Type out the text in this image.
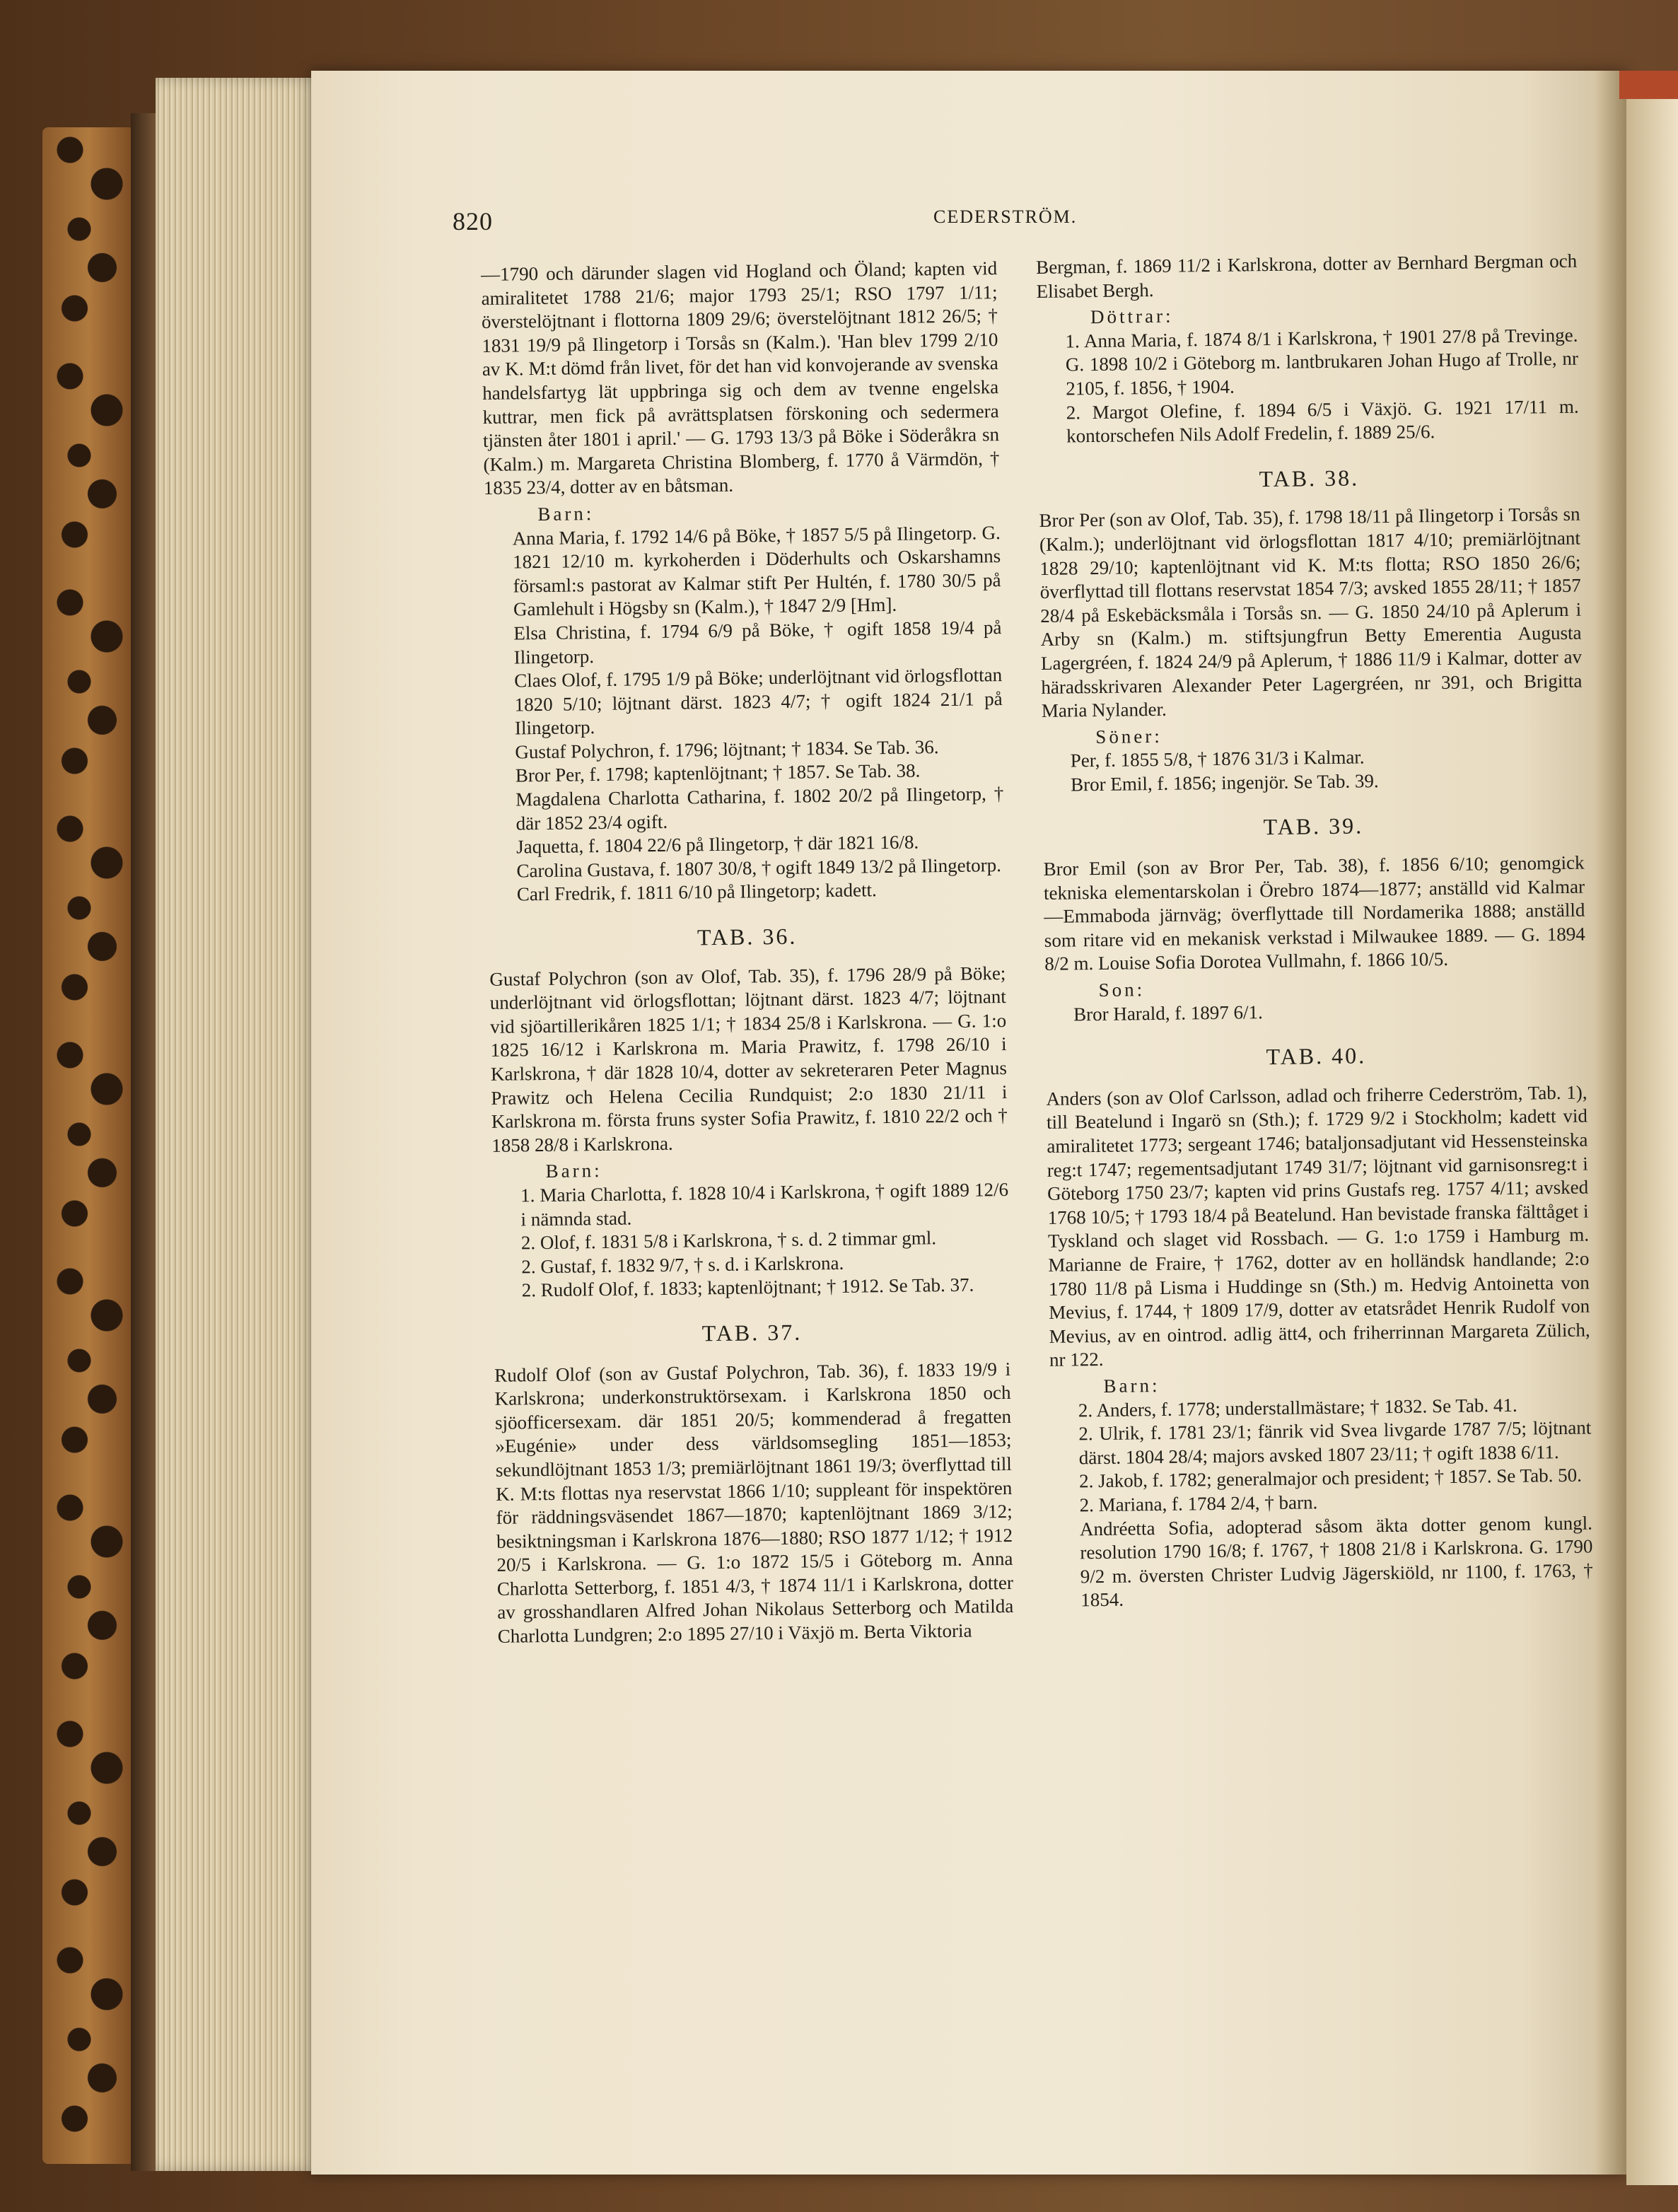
820	CEDERSTRÖM.

—1790 och därunder slagen vid Hogland och Öland; kapten vid amiralitetet 1788 21/6; major 1793 25/1; RSO 1797 1/11; överstelöjtnant i flottorna 1809 29/6; överstelöjtnant 1812 26/5; † 1831 19/9 på Ilingetorp i Torsås sn (Kalm.). 'Han blev 1799 2/10 av K. M:t dömd från livet, för det han vid konvojerande av svenska handelsfartyg lät uppbringa sig och dem av tvenne engelska kuttrar, men fick på avrättsplatsen förskoning och sedermera tjänsten åter 1801 i april.' — G. 1793 13/3 på Böke i Söderåkra sn (Kalm.) m. Margareta Christina Blomberg, f. 1770 å Värmdön, † 1835 23/4, dotter av en båtsman.

Barn:

Anna Maria, f. 1792 14/6 på Böke, † 1857 5/5 på Ilingetorp. G. 1821 12/10 m. kyrkoherden i Döderhults och Oskarshamns församl:s pastorat av Kalmar stift Per Hultén, f. 1780 30/5 på Gamlehult i Högsby sn (Kalm.), † 1847 2/9 [Hm].

Elsa Christina, f. 1794 6/9 på Böke, † ogift 1858 19/4 på Ilingetorp.

Claes Olof, f. 1795 1/9 på Böke; underlöjtnant vid örlogsflottan 1820 5/10; löjtnant därst. 1823 4/7; † ogift 1824 21/1 på Ilingetorp.

Gustaf Polychron, f. 1796; löjtnant; † 1834. Se Tab. 36.

Bror Per, f. 1798; kaptenlöjtnant; † 1857. Se Tab. 38.

Magdalena Charlotta Catharina, f. 1802 20/2 på Ilingetorp, † där 1852 23/4 ogift.

Jaquetta, f. 1804 22/6 på Ilingetorp, † där 1821 16/8.

Carolina Gustava, f. 1807 30/8, † ogift 1849 13/2 på Ilingetorp.

Carl Fredrik, f. 1811 6/10 på Ilingetorp; kadett.

TAB. 36.

Gustaf Polychron (son av Olof, Tab. 35), f. 1796 28/9 på Böke; underlöjtnant vid örlogsflottan; löjtnant därst. 1823 4/7; löjtnant vid sjöartillerikåren 1825 1/1; † 1834 25/8 i Karlskrona. — G. 1:o 1825 16/12 i Karlskrona m. Maria Prawitz, f. 1798 26/10 i Karlskrona, † där 1828 10/4, dotter av sekreteraren Peter Magnus Prawitz och Helena Cecilia Rundquist; 2:o 1830 21/11 i Karlskrona m. första fruns syster Sofia Prawitz, f. 1810 22/2 och † 1858 28/8 i Karlskrona.

Barn:

1. Maria Charlotta, f. 1828 10/4 i Karlskrona, † ogift 1889 12/6 i nämnda stad.

2. Olof, f. 1831 5/8 i Karlskrona, † s. d. 2 timmar gml.

2. Gustaf, f. 1832 9/7, † s. d. i Karlskrona.

2. Rudolf Olof, f. 1833; kaptenlöjtnant; † 1912. Se Tab. 37.

TAB. 37.

Rudolf Olof (son av Gustaf Polychron, Tab. 36), f. 1833 19/9 i Karlskrona; underkonstruktörsexam. i Karlskrona 1850 och sjöofficersexam. där 1851 20/5; kommenderad å fregatten »Eugénie» under dess världsomsegling 1851—1853; sekundlöjtnant 1853 1/3; premiärlöjtnant 1861 19/3; överflyttad till K. M:ts flottas nya reservstat 1866 1/10; suppleant för inspektören för räddningsväsendet 1867—1870; kaptenlöjtnant 1869 3/12; besiktningsman i Karlskrona 1876—1880; RSO 1877 1/12; † 1912 20/5 i Karlskrona. — G. 1:o 1872 15/5 i Göteborg m. Anna Charlotta Setterborg, f. 1851 4/3, † 1874 11/1 i Karlskrona, dotter av grosshandlaren Alfred Johan Nikolaus Setterborg och Matilda Charlotta Lundgren; 2:o 1895 27/10 i Växjö m. Berta Viktoria

Bergman, f. 1869 11/2 i Karlskrona, dotter av Bernhard Bergman och Elisabet Bergh.

Döttrar:

1. Anna Maria, f. 1874 8/1 i Karlskrona, † 1901 27/8 på Trevinge. G. 1898 10/2 i Göteborg m. lantbrukaren Johan Hugo af Trolle, nr 2105, f. 1856, † 1904.

2. Margot Olefine, f. 1894 6/5 i Växjö. G. 1921 17/11 m. kontorschefen Nils Adolf Fredelin, f. 1889 25/6.

TAB. 38.

Bror Per (son av Olof, Tab. 35), f. 1798 18/11 på Ilingetorp i Torsås sn (Kalm.); underlöjtnant vid örlogsflottan 1817 4/10; premiärlöjtnant 1828 29/10; kaptenlöjtnant vid K. M:ts flotta; RSO 1850 26/6; överflyttad till flottans reservstat 1854 7/3; avsked 1855 28/11; † 1857 28/4 på Eskebäcksmåla i Torsås sn. — G. 1850 24/10 på Aplerum i Arby sn (Kalm.) m. stiftsjungfrun Betty Emerentia Augusta Lagergréen, f. 1824 24/9 på Aplerum, † 1886 11/9 i Kalmar, dotter av häradsskrivaren Alexander Peter Lagergréen, nr 391, och Brigitta Maria Nylander.

Söner:

Per, f. 1855 5/8, † 1876 31/3 i Kalmar.

Bror Emil, f. 1856; ingenjör. Se Tab. 39.

TAB. 39.

Bror Emil (son av Bror Per, Tab. 38), f. 1856 6/10; genomgick tekniska elementarskolan i Örebro 1874—1877; anställd vid Kalmar—Emmaboda järnväg; överflyttade till Nordamerika 1888; anställd som ritare vid en mekanisk verkstad i Milwaukee 1889. — G. 1894 8/2 m. Louise Sofia Dorotea Vullmahn, f. 1866 10/5.

Son:

Bror Harald, f. 1897 6/1.

TAB. 40.

Anders (son av Olof Carlsson, adlad och friherre Cederström, Tab. 1), till Beatelund i Ingarö sn (Sth.); f. 1729 9/2 i Stockholm; kadett vid amiralitetet 1773; sergeant 1746; bataljonsadjutant vid Hessensteinska reg:t 1747; regementsadjutant 1749 31/7; löjtnant vid garnisonsreg:t i Göteborg 1750 23/7; kapten vid prins Gustafs reg. 1757 4/11; avsked 1768 10/5; † 1793 18/4 på Beatelund. Han bevistade franska fälttåget i Tyskland och slaget vid Rossbach. — G. 1:o 1759 i Hamburg m. Marianne de Fraire, † 1762, dotter av en holländsk handlande; 2:o 1780 11/8 på Lisma i Huddinge sn (Sth.) m. Hedvig Antoinetta von Mevius, f. 1744, † 1809 17/9, dotter av etatsrådet Henrik Rudolf von Mevius, av en ointrod. adlig ätt4, och friherrinnan Margareta Zülich, nr 122.

Barn:

2. Anders, f. 1778; understallmästare; † 1832. Se Tab. 41.

2. Ulrik, f. 1781 23/1; fänrik vid Svea livgarde 1787 7/5; löjtnant därst. 1804 28/4; majors avsked 1807 23/11; † ogift 1838 6/11.

2. Jakob, f. 1782; generalmajor och president; † 1857. Se Tab. 50.

2. Mariana, f. 1784 2/4, † barn.

Andréetta Sofia, adopterad såsom äkta dotter genom kungl. resolution 1790 16/8; f. 1767, † 1808 21/8 i Karlskrona. G. 1790 9/2 m. översten Christer Ludvig Jägerskiöld, nr 1100, f. 1763, † 1854.
